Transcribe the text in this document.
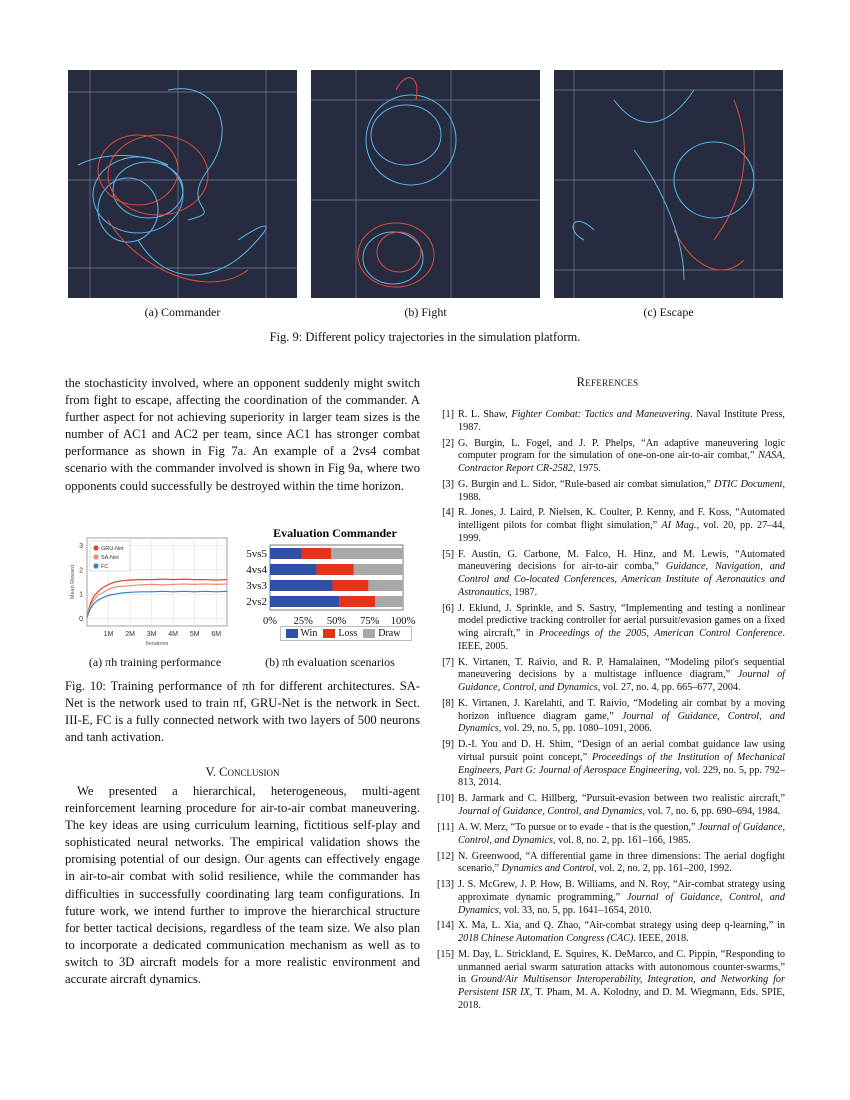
(a) Commander	(b) Fight	(c) Escape
Fig. 9: Different policy trajectories in the simulation platform.

the stochasticity involved, where an opponent suddenly might switch from fight to escape, affecting the coordination of the commander. A further aspect for not achieving superiority in larger team sizes is the number of AC1 and AC2 per team, since AC1 has stronger combat performance as shown in Fig 7a. An example of a 2vs4 combat scenario with the commander involved is shown in Fig 9a, where two opponents could successfully be destroyed within the time horizon.

1M 2M 3M 4M 5M 6M
3
2
1
0
Iterations
Mean Reward
GRU-Net
SA-Net
FC
Evaluation Commander
5vs5
4vs4
3vs3
2vs2
0% 25% 50% 75% 100%
Win Loss Draw
(a) πh training performance	(b) πh evaluation scenarios

Fig. 10: Training performance of πh for different architectures. SA-Net is the network used to train πf, GRU-Net is the network in Sect. III-E, FC is a fully connected network with two layers of 500 neurons and tanh activation.

V. Conclusion

We presented a hierarchical, heterogeneous, multi-agent reinforcement learning procedure for air-to-air combat maneuvering. The key ideas are using curriculum learning, fictitious self-play and sophisticated neural networks. The empirical validation shows the promising potential of our design. Our agents can effectively engage in air-to-air combat with solid resilience, while the commander has difficulties in successfully coordinating larg team configurations. In future work, we intend further to improve the hierarchical structure for better tactical decisions, regardless of the team size. We also plan to incorporate a dedicated communication mechanism as well as to switch to 3D aircraft models for a more realistic environment and accurate aircraft dynamics.

References
[1] R. L. Shaw, Fighter Combat: Tactics and Maneuvering. Naval Institute Press, 1987.
[2] G. Burgin, L. Fogel, and J. P. Phelps, “An adaptive maneuvering logic computer program for the simulation of one-on-one air-to-air combat,” NASA, Contractor Report CR-2582, 1975.
[3] G. Burgin and L. Sidor, “Rule-based air combat simulation,” DTIC Document, 1988.
[4] R. Jones, J. Laird, P. Nielsen, K. Coulter, P. Kenny, and F. Koss, “Automated intelligent pilots for combat flight simulation,” AI Mag., vol. 20, pp. 27–44, 1999.
[5] F. Austin, G. Carbone, M. Falco, H. Hinz, and M. Lewis, “Automated maneuvering decisions for air-to-air comba,” Guidance, Navigation, and Control and Co-located Conferences, American Institute of Aeronautics and Astronautics, 1987.
[6] J. Eklund, J. Sprinkle, and S. Sastry, “Implementing and testing a nonlinear model predictive tracking controller for aerial pursuit/evasion games on a fixed wing aircraft,” in Proceedings of the 2005, American Control Conference. IEEE, 2005.
[7] K. Virtanen, T. Raivio, and R. P. Hamalainen, “Modeling pilot's sequential maneuvering decisions by a multistage influence diagram,” Journal of Guidance, Control, and Dynamics, vol. 27, no. 4, pp. 665–677, 2004.
[8] K. Virtanen, J. Karelahti, and T. Raivio, “Modeling air combat by a moving horizon influence diagram game,” Journal of Guidance, Control, and Dynamics, vol. 29, no. 5, pp. 1080–1091, 2006.
[9] D.-I. You and D. H. Shim, “Design of an aerial combat guidance law using virtual pursuit point concept,” Proceedings of the Institution of Mechanical Engineers, Part G: Journal of Aerospace Engineering, vol. 229, no. 5, pp. 792–813, 2014.
[10] B. Jarmark and C. Hillberg, “Pursuit-evasion between two realistic aircraft,” Journal of Guidance, Control, and Dynamics, vol. 7, no. 6, pp. 690–694, 1984.
[11] A. W. Merz, “To pursue or to evade - that is the question,” Journal of Guidance, Control, and Dynamics, vol. 8, no. 2, pp. 161–166, 1985.
[12] N. Greenwood, “A differential game in three dimensions: The aerial dogfight scenario,” Dynamics and Control, vol. 2, no. 2, pp. 161–200, 1992.
[13] J. S. McGrew, J. P. How, B. Williams, and N. Roy, “Air-combat strategy using approximate dynamic programming,” Journal of Guidance, Control, and Dynamics, vol. 33, no. 5, pp. 1641–1654, 2010.
[14] X. Ma, L. Xia, and Q. Zhao, “Air-combat strategy using deep q-learning,” in 2018 Chinese Automation Congress (CAC). IEEE, 2018.
[15] M. Day, L. Strickland, E. Squires, K. DeMarco, and C. Pippin, “Responding to unmanned aerial swarm saturation attacks with autonomous counter-swarms,” in Ground/Air Multisensor Interoperability, Integration, and Networking for Persistent ISR IX, T. Pham, M. A. Kolodny, and D. M. Wiegmann, Eds. SPIE, 2018.
